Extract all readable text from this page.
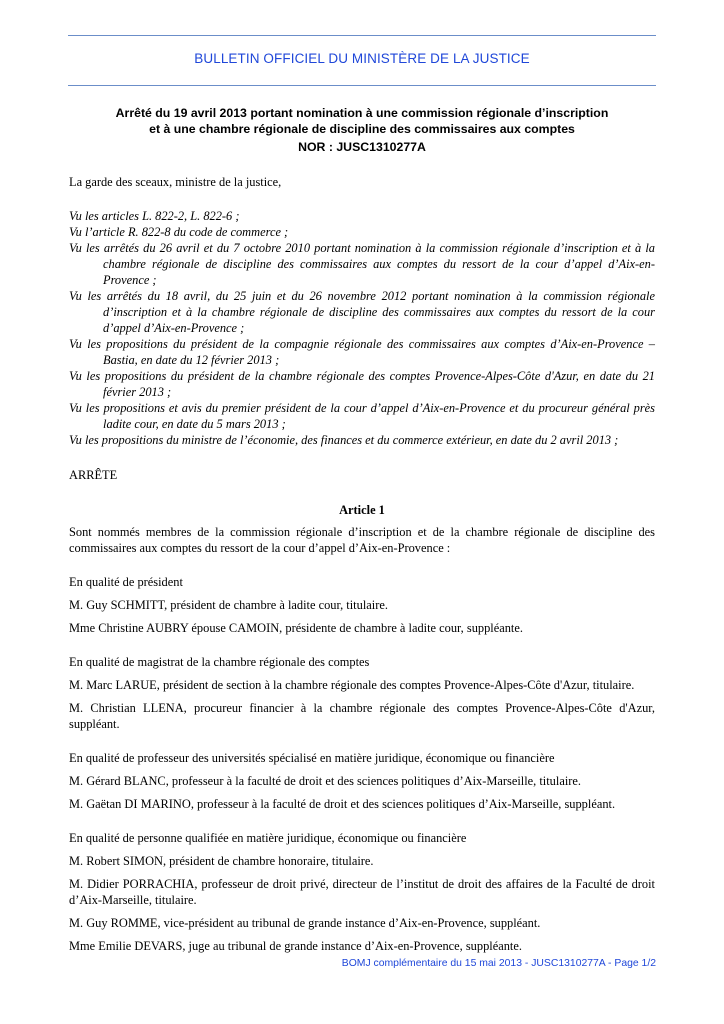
BULLETIN OFFICIEL DU MINISTÈRE DE LA JUSTICE
Arrêté du 19 avril 2013 portant nomination à une commission régionale d’inscription
et à une chambre régionale de discipline des commissaires aux comptes
NOR : JUSC1310277A

La garde des sceaux, ministre de la justice,

Vu les articles L. 822-2, L. 822-6 ;

Vu l’article R. 822-8 du code de commerce ;

Vu les arrêtés du 26 avril et du 7 octobre 2010 portant nomination à la commission régionale d’inscription et à la chambre régionale de discipline des commissaires aux comptes du ressort de la cour d’appel d’Aix-en-Provence ;

Vu les arrêtés du 18 avril, du 25 juin et du 26 novembre 2012 portant nomination à la commission régionale d’inscription et à la chambre régionale de discipline des commissaires aux comptes du ressort de la cour d’appel d’Aix-en-Provence ;

Vu les propositions du président de la compagnie régionale des commissaires aux comptes d’Aix-en-Provence – Bastia, en date du 12 février 2013 ;

Vu les propositions du président de la chambre régionale des comptes Provence-Alpes-Côte d'Azur, en date du 21 février 2013 ;

Vu les propositions et avis du premier président de la cour d’appel d’Aix-en-Provence et du procureur général près ladite cour, en date du 5 mars 2013 ;

Vu les propositions du ministre de l’économie, des finances et du commerce extérieur, en date du 2 avril 2013 ;

ARRÊTE

Article 1

Sont nommés membres de la commission régionale d’inscription et de la chambre régionale de discipline des commissaires aux comptes du ressort de la cour d’appel d’Aix-en-Provence :

En qualité de président

M. Guy SCHMITT, président de chambre à ladite cour, titulaire.

Mme Christine AUBRY épouse CAMOIN, présidente de chambre à ladite cour, suppléante.

En qualité de magistrat de la chambre régionale des comptes

M. Marc LARUE, président de section à la chambre régionale des comptes Provence-Alpes-Côte d'Azur, titulaire.

M. Christian LLENA, procureur financier à la chambre régionale des comptes Provence-Alpes-Côte d'Azur, suppléant.

En qualité de professeur des universités spécialisé en matière juridique, économique ou financière

M. Gérard BLANC, professeur à la faculté de droit et des sciences politiques d’Aix-Marseille, titulaire.

M. Gaëtan DI MARINO, professeur à la faculté de droit et des sciences politiques d’Aix-Marseille, suppléant.

En qualité de personne qualifiée en matière juridique, économique ou financière

M. Robert SIMON, président de chambre honoraire, titulaire.

M. Didier PORRACHIA, professeur de droit privé, directeur de l’institut de droit des affaires de la Faculté de droit d’Aix-Marseille, titulaire.

M. Guy ROMME, vice-président au tribunal de grande instance d’Aix-en-Provence, suppléant.

Mme Emilie DEVARS, juge au tribunal de grande instance d’Aix-en-Provence, suppléante.

BOMJ complémentaire du 15 mai 2013 - JUSC1310277A - Page 1/2
